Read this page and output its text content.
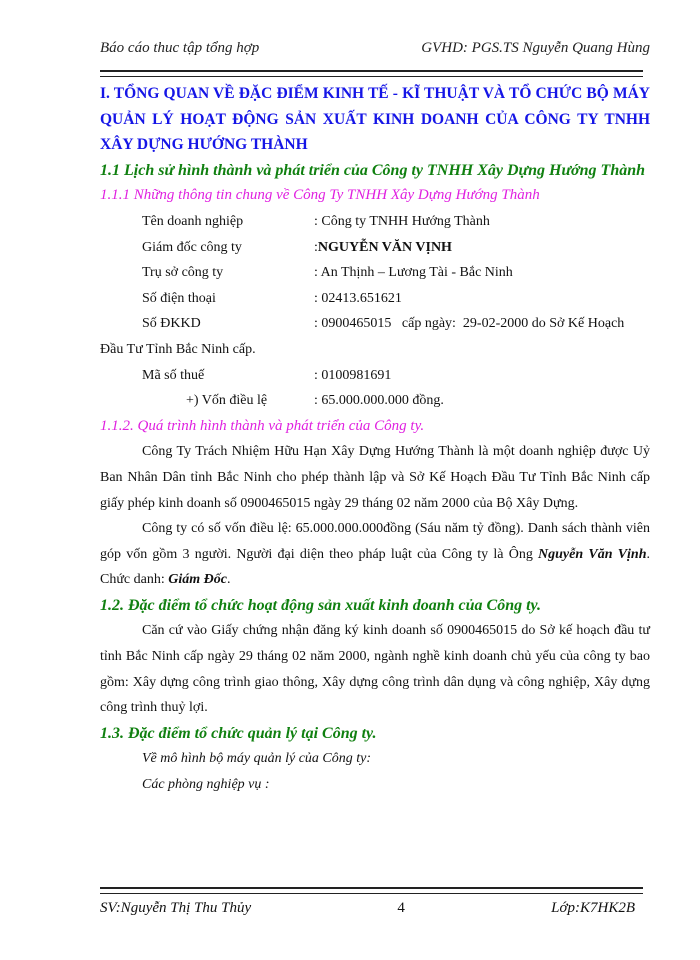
Báo cáo thuc tập tổng hợp	GVHD: PGS.TS Nguyễn Quang Hùng

I. TỔNG QUAN VỀ ĐẶC ĐIỂM KINH TẾ - KĨ THUẬT VÀ TỔ CHỨC BỘ MÁY QUẢN LÝ HOẠT ĐỘNG SẢN XUẤT KINH DOANH CỦA CÔNG TY TNHH XÂY DỰNG HƯỚNG THÀNH

1.1 Lịch sử hình thành và phát triển của Công ty TNHH Xây Dựng Hướng Thành

1.1.1 Những thông tin chung về Công Ty TNHH Xây Dựng Hướng Thành

Tên doanh nghiệp	: Công ty TNHH Hướng Thành
Giám đốc công ty	: NGUYỄN VĂN VỊNH
Trụ sở công ty	: An Thịnh – Lương Tài - Bắc Ninh
Số điện thoại	: 02413.651621
Số ĐKKD	: 0900465015   cấp ngày:  29-02-2000 do Sở Kế Hoạch
Đầu Tư Tỉnh Bắc Ninh cấp.
Mã số thuế	: 0100981691
+) Vốn điều lệ	: 65.000.000.000 đồng.

1.1.2. Quá trình hình thành và phát triển của Công ty.

Công Ty Trách Nhiệm Hữu Hạn Xây Dựng Hướng Thành là một doanh nghiệp được Uỷ Ban Nhân Dân tỉnh Bắc Ninh cho phép thành lập và Sở Kế Hoạch Đầu Tư Tỉnh Bắc Ninh cấp giấy phép kinh doanh số 0900465015 ngày 29 tháng 02 năm 2000 của Bộ Xây Dựng.

Công ty có số vốn điều lệ: 65.000.000.000đồng (Sáu năm tỷ đồng). Danh sách thành viên góp vốn gồm 3 người. Người đại diện theo pháp luật của Công ty là Ông Nguyễn Văn Vịnh. Chức danh: Giám Đốc.

1.2. Đặc điểm tổ chức hoạt động sản xuất kinh doanh của Công ty.

Căn cứ vào Giấy chứng nhận đăng ký kinh doanh số 0900465015 do Sở kế hoạch đầu tư tỉnh Bắc Ninh cấp ngày 29 tháng 02 năm 2000, ngành nghề kinh doanh chủ yếu của công ty bao gồm: Xây dựng công trình giao thông, Xây dựng công trình dân dụng và công nghiệp, Xây dựng công trình thuỷ lợi.

1.3. Đặc điểm tổ chức quản lý tại Công ty.

Về mô hình bộ máy quản lý của Công ty:
Các phòng nghiệp vụ :
SV:Nguyễn Thị Thu Thủy	4	Lớp:K7HK2B
